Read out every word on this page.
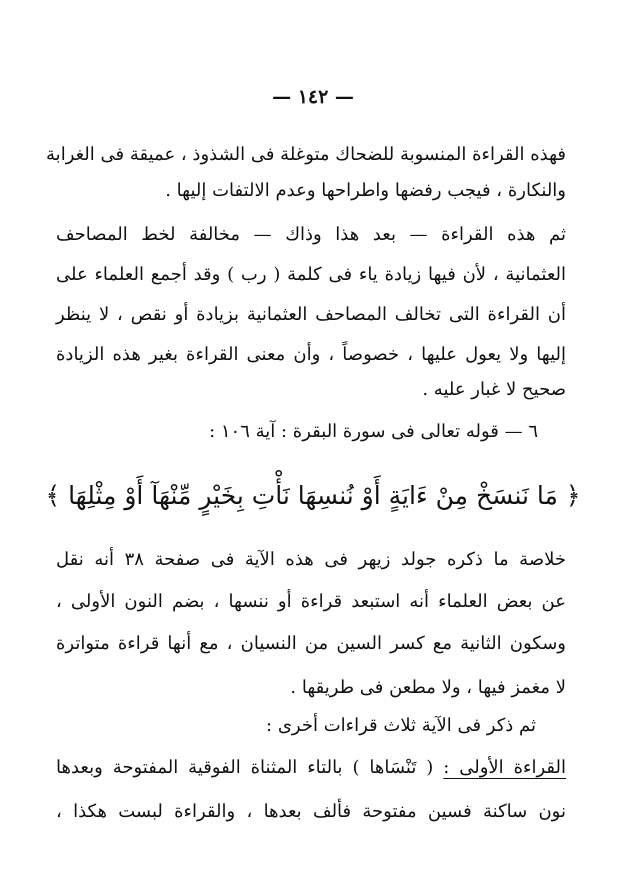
— ١٤٢ —
فهذه القراءة المنسوبة للضحاك متوغلة فى الشذوذ ، عميقة فى الغرابة
والنكارة ، فيجب رفضها واطراحها وعدم الالتفات إليها .
ثم هذه القراءة — بعد هذا وذاك — مخالفة لخط المصاحف
العثمانية ، لأن فيها زيادة ياء فى كلمة ( رب ) وقد أجمع العلماء على
أن القراءة التى تخالف المصاحف العثمانية بزيادة أو نقص ، لا ينظر
إليها ولا يعول عليها ، خصوصاً ، وأن معنى القراءة بغير هذه الزيادة
صحيح لا غبار عليه .
٦ — قوله تعالى فى سورة البقرة : آية ١٠٦ :
﴿ مَا نَنسَخْ مِنْ ءَايَةٍ أَوْ نُنسِهَا نَأْتِ بِخَيْرٍ مِّنْهَآ أَوْ مِثْلِهَا ﴾
خلاصة ما ذكره جولد زيهر فى هذه الآية فى صفحة ٣٨ أنه نقل
عن بعض العلماء أنه استبعد قراءة أو ننسها ، بضم النون الأولى ،
وسكون الثانية مع كسر السين من النسيان ، مع أنها قراءة متواترة
لا مغمز فيها ، ولا مطعن فى طريقها .
ثم ذكر فى الآية ثلاث قراءات أخرى :
القراءة الأولى : ( تَنْسَاها ) بالتاء المثناة الفوقية المفتوحة وبعدها
نون ساكنة فسين مفتوحة فألف بعدها ، والقراءة لبست هكذا ،
